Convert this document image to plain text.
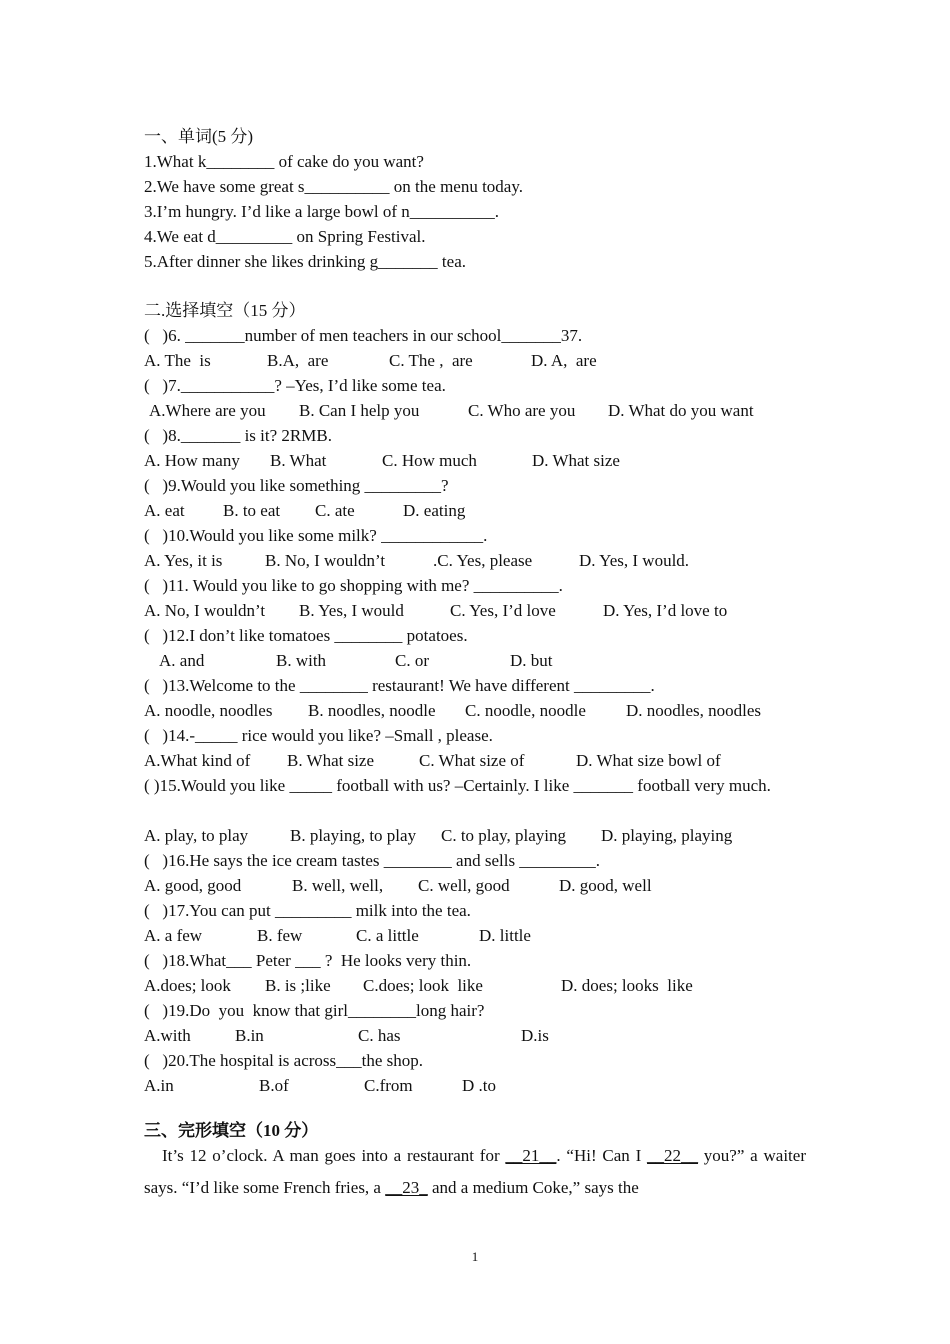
一、单词(5 分)
1.What k________ of cake do you want?
2.We have some great s__________ on the menu today.
3.I’m hungry. I’d like a large bowl of n__________.
4.We eat d_________ on Spring Festival.
5.After dinner she likes drinking g_______ tea.
二.选择填空（15 分）
(   )6. _______number of men teachers in our school_______37.
A. The  is	B.A,  are	C. The ,  are	D. A,  are
(   )7.___________? –Yes, I’d like some tea.
A.Where are you B. Can I help you	C. Who are you D. What do you want
(   )8._______ is it? 2RMB.
A. How many B. What	C. How much	D. What size
(   )9.Would you like something _________?
A. eat B. to eat C. ate	D. eating
(   )10.Would you like some milk? ____________.
A. Yes, it is	B. No, I wouldn’t	.C. Yes, please	D. Yes, I would.
(   )11. Would you like to go shopping with me? __________.
A. No, I wouldn’t B. Yes, I would	C. Yes, I’d love	D. Yes, I’d love to
(   )12.I don’t like tomatoes ________ potatoes.
A. and	B. with	C. or	D. but
(   )13.Welcome to the ________ restaurant! We have different _________.
A. noodle, noodles B. noodles, noodle C. noodle, noodle D. noodles, noodles
(   )14.-_____ rice would you like? –Small , please.
A.What kind of B. What size	C. What size of	D. What size bowl of
( )15.Would you like _____ football with us? –Certainly. I like _______ football very much.
A. play, to play B. playing, to play C. to play, playing D. playing, playing
(   )16.He says the ice cream tastes ________ and sells _________.
A. good, good	B. well, well, C. well, good	D. good, well
(   )17.You can put _________ milk into the tea.
A. a few	B. few	C. a little	D. little
(   )18.What___ Peter ___ ?  He looks very thin.
A.does; look B. is ;like C.does; look  like	D. does; looks  like
(   )19.Do  you  know that girl________long hair?
A.with	B.in	C. has	D.is
(   )20.The hospital is across___the shop.
A.in	B.of	C.from	D .to
三、完形填空（10 分）
It’s 12 o’clock. A man goes into a restaurant for __21__. “Hi! Can I __22__ you?” a waiter says. “I’d like some French fries, a __23_ and a medium Coke,” says the
1
